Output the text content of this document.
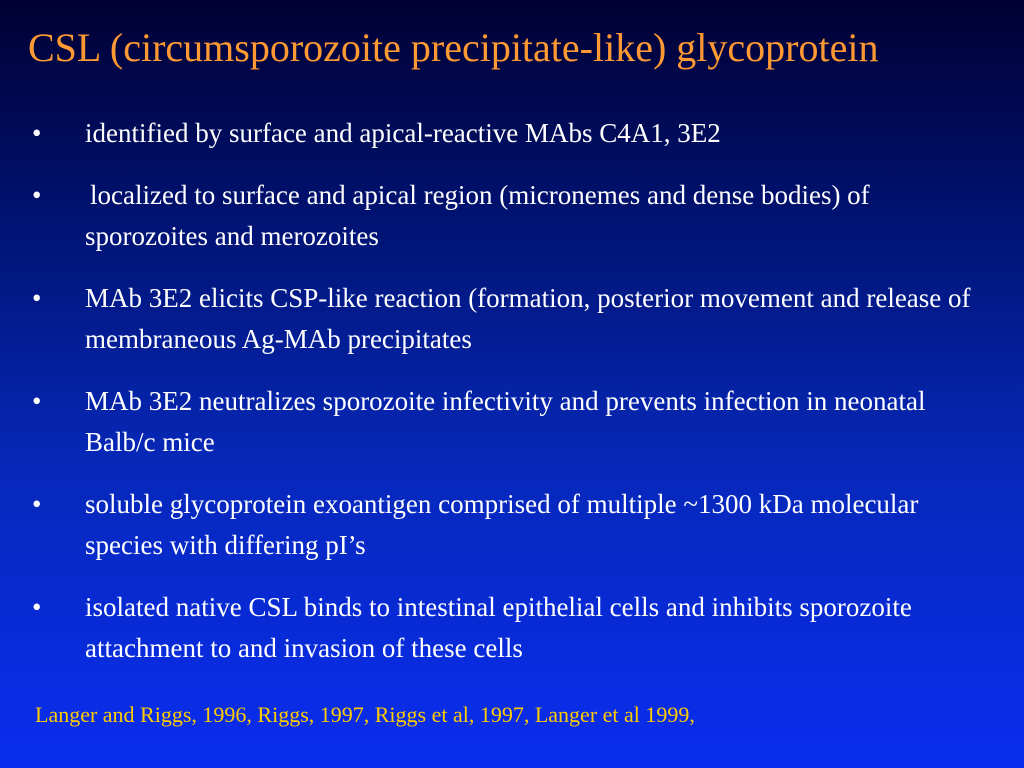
CSL (circumsporozoite precipitate-like) glycoprotein
•	identified by surface and apical-reactive MAbs C4A1, 3E2
•	localized to surface and apical region (micronemes and dense bodies) of sporozoites and merozoites
•	MAb 3E2 elicits CSP-like reaction (formation, posterior movement and release of membraneous Ag-MAb precipitates
•	MAb 3E2 neutralizes sporozoite infectivity and prevents infection in neonatal Balb/c mice
•	soluble glycoprotein exoantigen comprised of multiple ~1300 kDa molecular species with differing pI’s
•	isolated native CSL binds to intestinal epithelial cells and inhibits sporozoite attachment to and invasion of these cells
Langer and Riggs, 1996, Riggs, 1997, Riggs et al, 1997, Langer et al 1999,
